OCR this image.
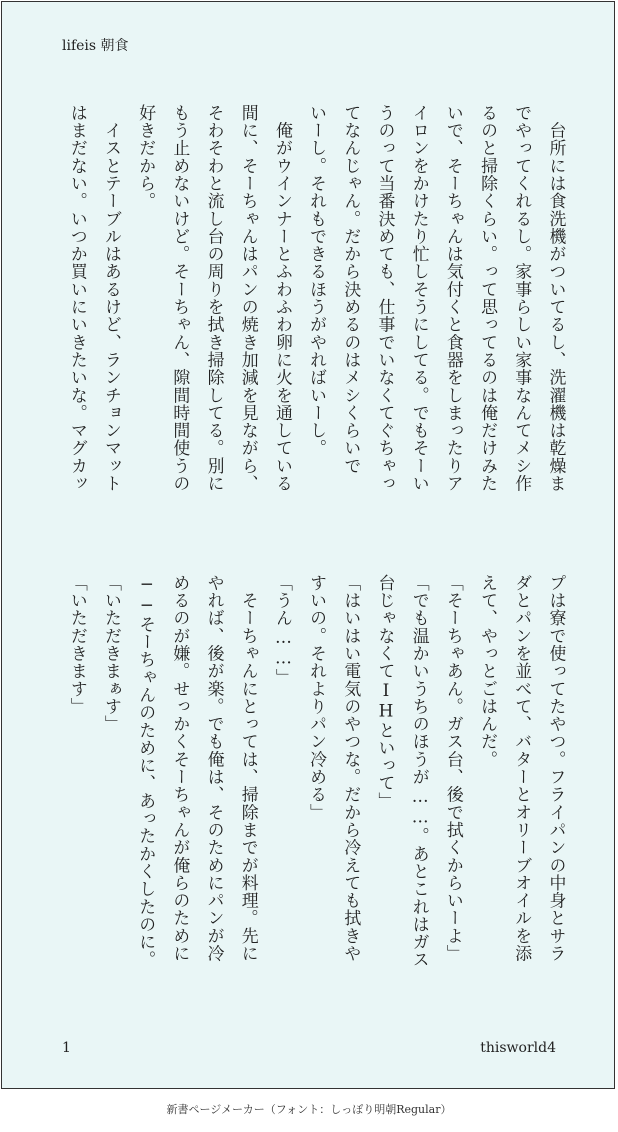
lifeis 朝食
　台所には食洗機がついてるし、洗濯機は乾燥ま
でやってくれるし。家事らしい家事なんてメシ作
るのと掃除くらい。って思ってるのは俺だけみた
いで、そーちゃんは気付くと食器をしまったりア
イロンをかけたり忙しそうにしてる。でもそーい
うのって当番決めても、仕事でいなくてぐちゃっ
てなんじゃん。だから決めるのはメシくらいで
いーし。それもできるほうがやればいーし。
　俺がウインナーとふわふわ卵に火を通している
間に、そーちゃんはパンの焼き加減を見ながら、
そわそわと流し台の周りを拭き掃除してる。別に
もう止めないけど。そーちゃん、隙間時間使うの
好きだから。
　イスとテーブルはあるけど、ランチョンマット
はまだない。いつか買いにいきたいな。マグカッ
プは寮で使ってたやつ。フライパンの中身とサラ
ダとパンを並べて、バターとオリーブオイルを添
えて、やっとごはんだ。
「そーちゃあん。ガス台、後で拭くからいーよ」
「でも温かいうちのほうが……。あとこれはガス
台じゃなくてIHといって」
「はいはい電気のやつな。だから冷えても拭きや
すいの。それよりパン冷める」
「うん……」
　そーちゃんにとっては、掃除までが料理。先に
やれば、後が楽。でも俺は、そのためにパンが冷
めるのが嫌。せっかくそーちゃんが俺らのために
──そーちゃんのために、あったかくしたのに。
「いただきまぁす」
「いただきます」
1	thisworld4
新書ページメーカー（フォント：しっぽり明朝Regular）
